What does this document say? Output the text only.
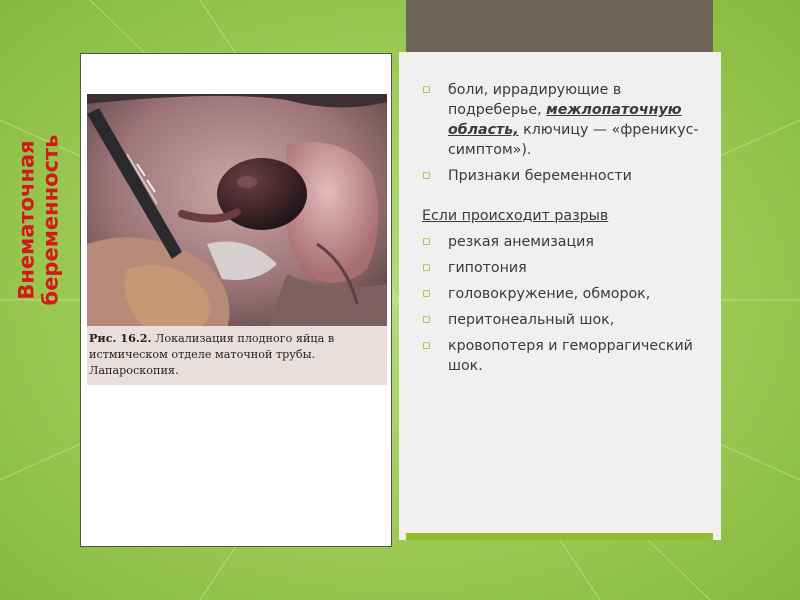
Внематочная беременность
Рис. 16.2. Локализация плодного яйца в истмическом отделе маточной трубы. Лапароскопия.
▫ боли, иррадирующие в подреберье, межлопаточную область, ключицу — «френикус-симптом»).
▫ Признаки беременности
Если происходит разрыв
▫ резкая анемизация
▫ гипотония
▫ головокружение, обморок,
▫ перитонеальный шок,
▫ кровопотеря и геморрагический шок.
